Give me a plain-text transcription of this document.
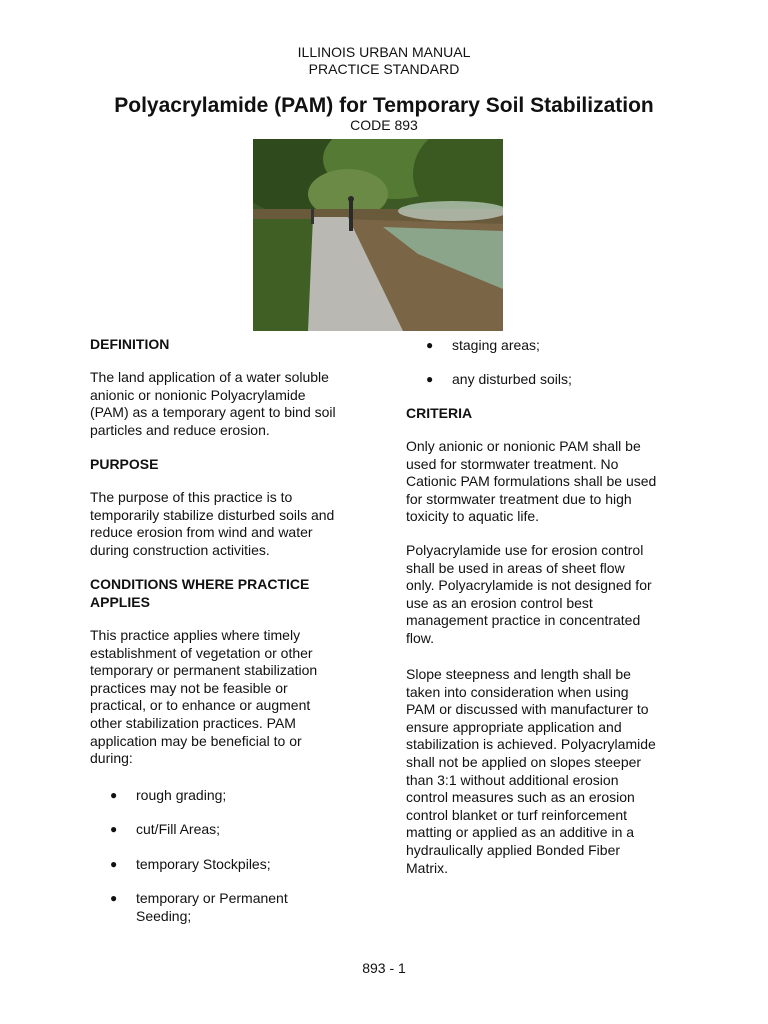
ILLINOIS URBAN MANUAL
PRACTICE STANDARD
Polyacrylamide (PAM) for Temporary Soil Stabilization
CODE 893
DEFINITION
The land application of a water soluble
anionic or nonionic Polyacrylamide
(PAM) as a temporary agent to bind soil
particles and reduce erosion.
PURPOSE
The purpose of this practice is to
temporarily stabilize disturbed soils and
reduce erosion from wind and water
during construction activities.
CONDITIONS WHERE PRACTICE
APPLIES
This practice applies where timely
establishment of vegetation or other
temporary or permanent stabilization
practices may not be feasible or
practical, or to enhance or augment
other stabilization practices. PAM
application may be beneficial to or
during:
● rough grading;
● cut/Fill Areas;
● temporary Stockpiles;
● temporary or Permanent
Seeding;
● staging areas;
● any disturbed soils;
CRITERIA
Only anionic or nonionic PAM shall be
used for stormwater treatment. No
Cationic PAM formulations shall be used
for stormwater treatment due to high
toxicity to aquatic life.
Polyacrylamide use for erosion control
shall be used in areas of sheet flow
only. Polyacrylamide is not designed for
use as an erosion control best
management practice in concentrated
flow.
Slope steepness and length shall be
taken into consideration when using
PAM or discussed with manufacturer to
ensure appropriate application and
stabilization is achieved. Polyacrylamide
shall not be applied on slopes steeper
than 3:1 without additional erosion
control measures such as an erosion
control blanket or turf reinforcement
matting or applied as an additive in a
hydraulically applied Bonded Fiber
Matrix.
893 - 1
